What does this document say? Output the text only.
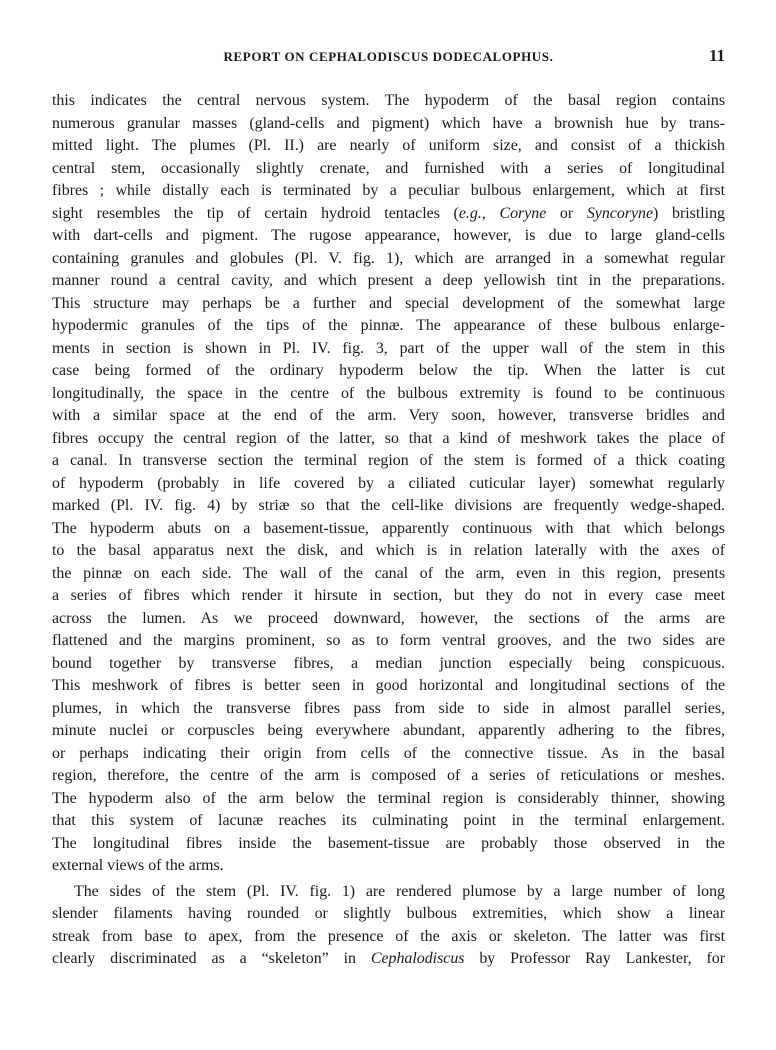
REPORT ON CEPHALODISCUS DODECALOPHUS.	11
this indicates the central nervous system. The hypoderm of the basal region contains
numerous granular masses (gland-cells and pigment) which have a brownish hue by trans-
mitted light. The plumes (Pl. II.) are nearly of uniform size, and consist of a thickish
central stem, occasionally slightly crenate, and furnished with a series of longitudinal
fibres ; while distally each is terminated by a peculiar bulbous enlargement, which at first
sight resembles the tip of certain hydroid tentacles (e.g., Coryne or Syncoryne) bristling
with dart-cells and pigment. The rugose appearance, however, is due to large gland-cells
containing granules and globules (Pl. V. fig. 1), which are arranged in a somewhat regular
manner round a central cavity, and which present a deep yellowish tint in the preparations.
This structure may perhaps be a further and special development of the somewhat large
hypodermic granules of the tips of the pinnæ. The appearance of these bulbous enlarge-
ments in section is shown in Pl. IV. fig. 3, part of the upper wall of the stem in this
case being formed of the ordinary hypoderm below the tip. When the latter is cut
longitudinally, the space in the centre of the bulbous extremity is found to be continuous
with a similar space at the end of the arm. Very soon, however, transverse bridles and
fibres occupy the central region of the latter, so that a kind of meshwork takes the place of
a canal. In transverse section the terminal region of the stem is formed of a thick coating
of hypoderm (probably in life covered by a ciliated cuticular layer) somewhat regularly
marked (Pl. IV. fig. 4) by striæ so that the cell-like divisions are frequently wedge-shaped.
The hypoderm abuts on a basement-tissue, apparently continuous with that which belongs
to the basal apparatus next the disk, and which is in relation laterally with the axes of
the pinnæ on each side. The wall of the canal of the arm, even in this region, presents
a series of fibres which render it hirsute in section, but they do not in every case meet
across the lumen. As we proceed downward, however, the sections of the arms are
flattened and the margins prominent, so as to form ventral grooves, and the two sides are
bound together by transverse fibres, a median junction especially being conspicuous.
This meshwork of fibres is better seen in good horizontal and longitudinal sections of the
plumes, in which the transverse fibres pass from side to side in almost parallel series,
minute nuclei or corpuscles being everywhere abundant, apparently adhering to the fibres,
or perhaps indicating their origin from cells of the connective tissue. As in the basal
region, therefore, the centre of the arm is composed of a series of reticulations or meshes.
The hypoderm also of the arm below the terminal region is considerably thinner, showing
that this system of lacunæ reaches its culminating point in the terminal enlargement.
The longitudinal fibres inside the basement-tissue are probably those observed in the
external views of the arms.
The sides of the stem (Pl. IV. fig. 1) are rendered plumose by a large number of long
slender filaments having rounded or slightly bulbous extremities, which show a linear
streak from base to apex, from the presence of the axis or skeleton. The latter was first
clearly discriminated as a “skeleton” in Cephalodiscus by Professor Ray Lankester, for
